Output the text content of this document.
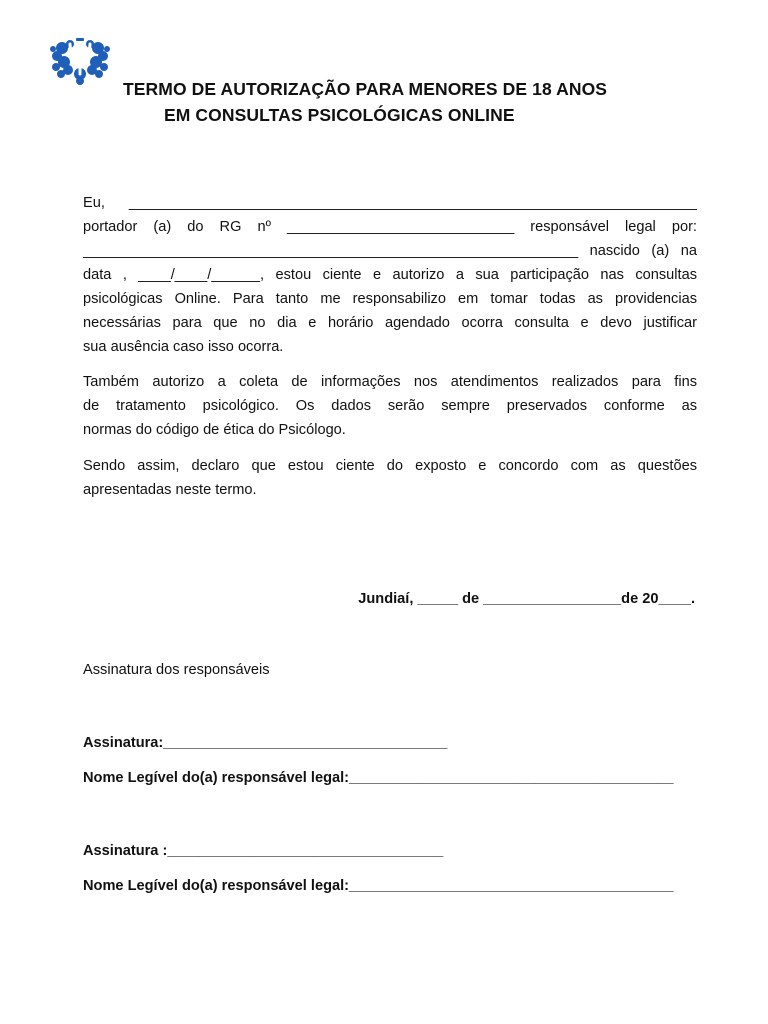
TERMO DE AUTORIZAÇÃO PARA MENORES DE 18 ANOS
EM CONSULTAS PSICOLÓGICAS ONLINE
Eu, ______________________________________________________________________
portador (a) do RG nº ____________________________ responsável legal por:
_____________________________________________________________ nascido (a) na
data , ____/____/______, estou ciente e autorizo a sua participação nas consultas
psicológicas Online. Para tanto me responsabilizo em tomar todas as providencias
necessárias para que no dia e horário agendado ocorra consulta e devo justificar
sua ausência caso isso ocorra.
Também autorizo a coleta de informações nos atendimentos realizados para fins
de tratamento psicológico. Os dados serão sempre preservados conforme as
normas do código de ética do Psicólogo.
Sendo assim, declaro que estou ciente do exposto e concordo com as questões
apresentadas neste termo.
Jundiaí, _____ de _________________de 20____.
Assinatura dos responsáveis
Assinatura:___________________________________
Nome Legível do(a) responsável legal:________________________________________
Assinatura :__________________________________
Nome Legível do(a) responsável legal:________________________________________
